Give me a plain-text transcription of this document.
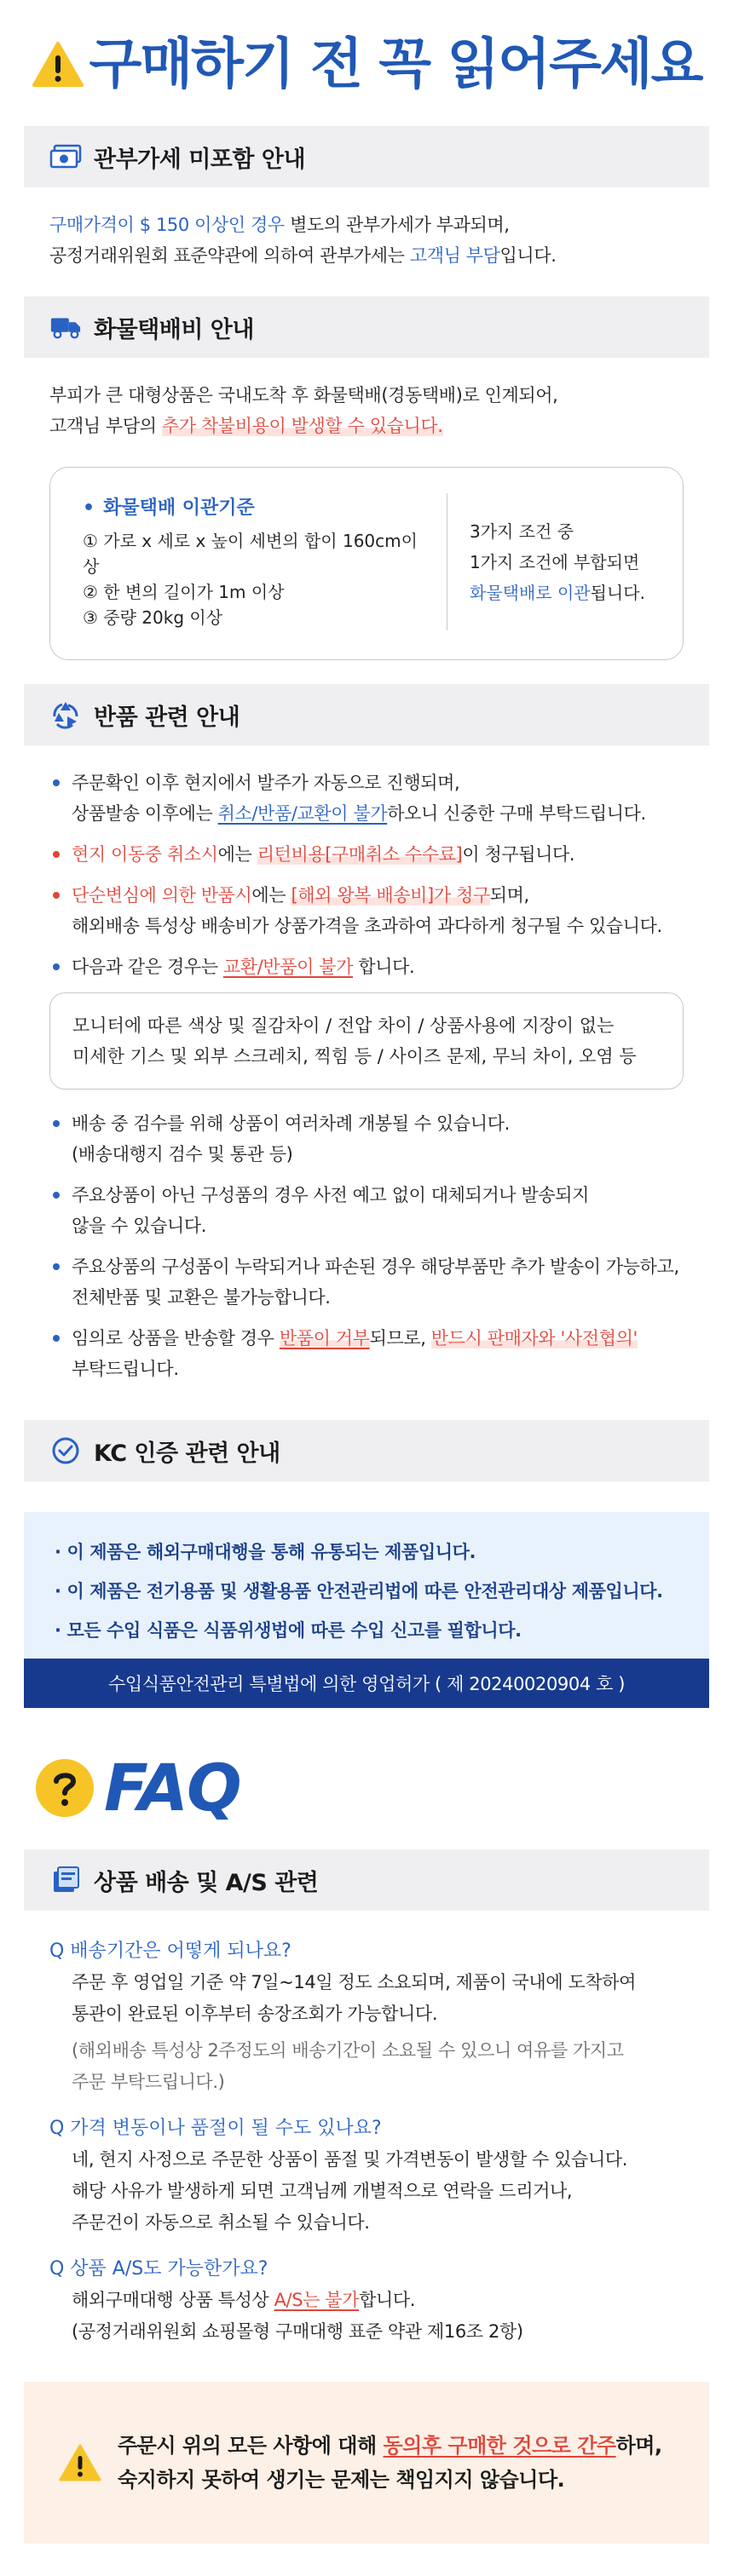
구매하기 전 꼭 읽어주세요
관부가세 미포함 안내
구매가격이 $ 150 이상인 경우 별도의 관부가세가 부과되며,
공정거래위원회 표준약관에 의하여 관부가세는 고객님 부담입니다.
화물택배비 안내
부피가 큰 대형상품은 국내도착 후 화물택배(경동택배)로 인계되어,
고객님 부담의 추가 착불비용이 발생할 수 있습니다.
• 화물택배 이관기준
① 가로 x 세로 x 높이 세변의 합이 160cm이상
② 한 변의 길이가 1m 이상
③ 중량 20kg 이상
3가지 조건 중
1가지 조건에 부합되면
화물택배로 이관됩니다.
반품 관련 안내
주문확인 이후 현지에서 발주가 자동으로 진행되며,
상품발송 이후에는 취소/반품/교환이 불가하오니 신중한 구매 부탁드립니다.
현지 이동중 취소시에는 리턴비용[구매취소 수수료]이 청구됩니다.
단순변심에 의한 반품시에는 [해외 왕복 배송비]가 청구되며,
해외배송 특성상 배송비가 상품가격을 초과하여 과다하게 청구될 수 있습니다.
다음과 같은 경우는 교환/반품이 불가 합니다.
모니터에 따른 색상 및 질감차이 / 전압 차이 / 상품사용에 지장이 없는
미세한 기스 및 외부 스크레치, 찍힘 등 / 사이즈 문제, 무늬 차이, 오염 등
배송 중 검수를 위해 상품이 여러차례 개봉될 수 있습니다.
(배송대행지 검수 및 통관 등)
주요상품이 아닌 구성품의 경우 사전 예고 없이 대체되거나 발송되지
않을 수 있습니다.
주요상품의 구성품이 누락되거나 파손된 경우 해당부품만 추가 발송이 가능하고,
전체반품 및 교환은 불가능합니다.
임의로 상품을 반송할 경우 반품이 거부되므로, 반드시 판매자와 '사전협의'
부탁드립니다.
KC 인증 관련 안내
· 이 제품은 해외구매대행을 통해 유통되는 제품입니다.
· 이 제품은 전기용품 및 생활용품 안전관리법에 따른 안전관리대상 제품입니다.
· 모든 수입 식품은 식품위생법에 따른 수입 신고를 필합니다.
수입식품안전관리 특별법에 의한 영업허가 ( 제 20240020904 호 )
FAQ
상품 배송 및 A/S 관련
Q 배송기간은 어떻게 되나요?
주문 후 영업일 기준 약 7일~14일 정도 소요되며, 제품이 국내에 도착하여
통관이 완료된 이후부터 송장조회가 가능합니다.
(해외배송 특성상 2주정도의 배송기간이 소요될 수 있으니 여유를 가지고
주문 부탁드립니다.)
Q 가격 변동이나 품절이 될 수도 있나요?
네, 현지 사정으로 주문한 상품이 품절 및 가격변동이 발생할 수 있습니다.
해당 사유가 발생하게 되면 고객님께 개별적으로 연락을 드리거나,
주문건이 자동으로 취소될 수 있습니다.
Q 상품 A/S도 가능한가요?
해외구매대행 상품 특성상 A/S는 불가합니다.
(공정거래위원회 쇼핑몰형 구매대행 표준 약관 제16조 2항)
주문시 위의 모든 사항에 대해 동의후 구매한 것으로 간주하며,
숙지하지 못하여 생기는 문제는 책임지지 않습니다.
